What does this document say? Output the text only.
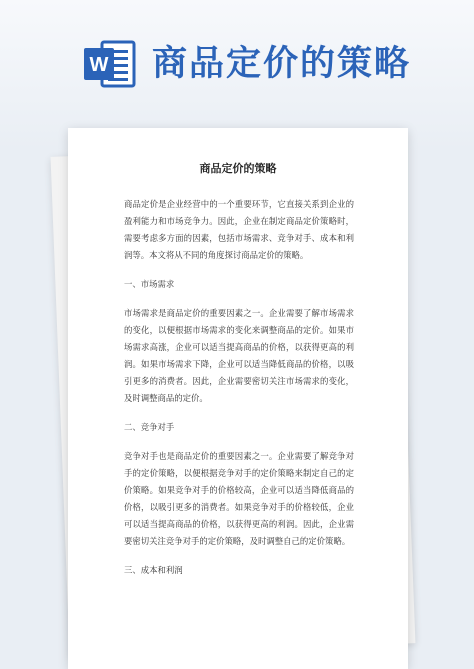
W 商品定价的策略
商品定价的策略

商品定价是企业经营中的一个重要环节，它直接关系到企业的盈利能力和市场竞争力。因此，企业在制定商品定价策略时，需要考虑多方面的因素，包括市场需求、竞争对手、成本和利润等。本文将从不同的角度探讨商品定价的策略。

一、市场需求

市场需求是商品定价的重要因素之一。企业需要了解市场需求的变化，以便根据市场需求的变化来调整商品的定价。如果市场需求高涨，企业可以适当提高商品的价格，以获得更高的利润。如果市场需求下降，企业可以适当降低商品的价格，以吸引更多的消费者。因此，企业需要密切关注市场需求的变化，及时调整商品的定价。

二、竞争对手

竞争对手也是商品定价的重要因素之一。企业需要了解竞争对手的定价策略，以便根据竞争对手的定价策略来制定自己的定价策略。如果竞争对手的价格较高，企业可以适当降低商品的价格，以吸引更多的消费者。如果竞争对手的价格较低，企业可以适当提高商品的价格，以获得更高的利润。因此，企业需要密切关注竞争对手的定价策略，及时调整自己的定价策略。

三、成本和利润
